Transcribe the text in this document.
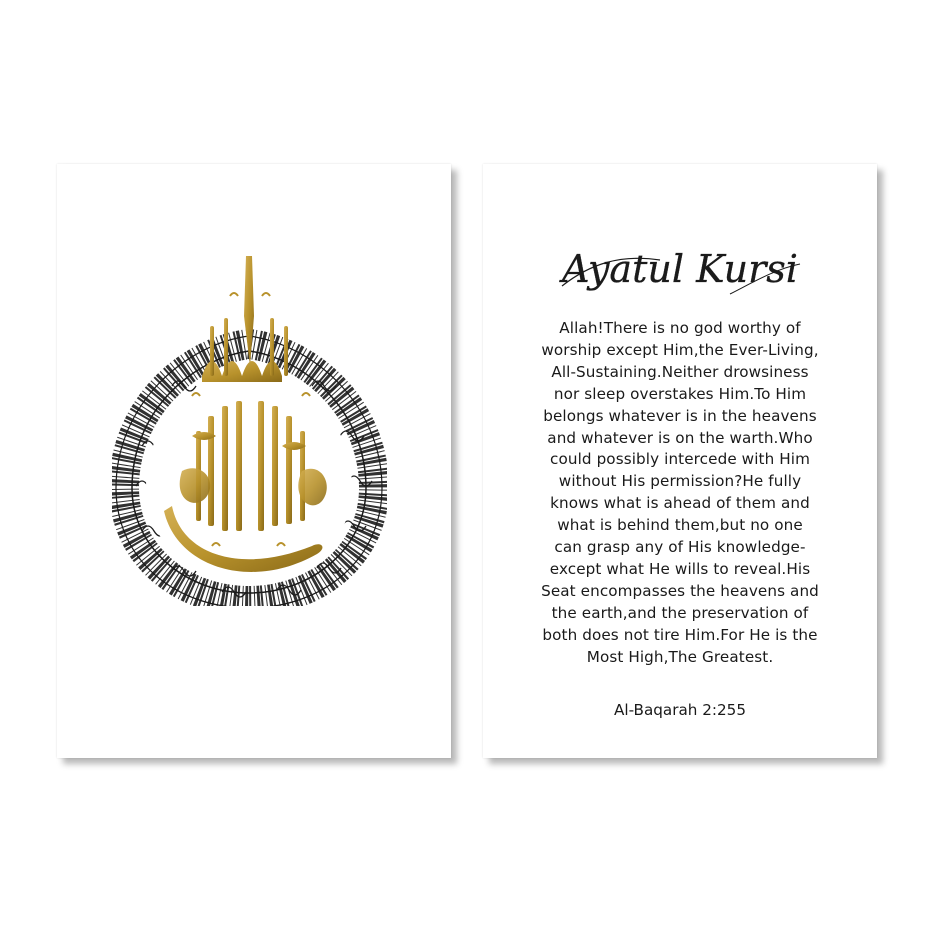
Ayatul Kursi
Allah!There is no god worthy of
worship except Him,the Ever-Living,
All-Sustaining.Neither drowsiness
nor sleep overstakes Him.To Him
belongs whatever is in the heavens
and whatever is on the warth.Who
could possibly intercede with Him
without His permission?He fully
knows what is ahead of them and
what is behind them,but no one
can grasp any of His knowledge-
except what He wills to reveal.His
Seat encompasses the heavens and
the earth,and the preservation of
both does not tire Him.For He is the
Most High,The Greatest.
Al-Baqarah 2:255
